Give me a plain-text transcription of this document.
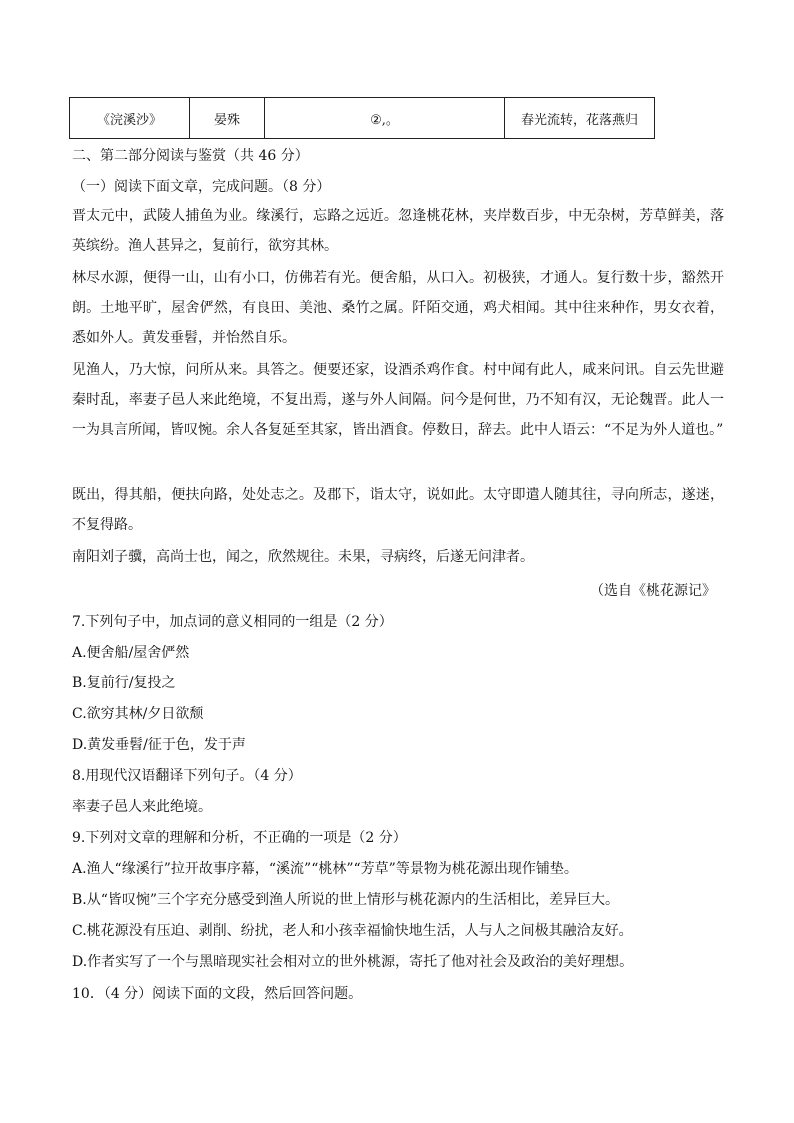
《浣溪沙》	晏殊	②,。	春光流转，花落燕归
二、第二部分阅读与鉴赏（共 46 分）
（一）阅读下面文章，完成问题。（8 分）
晋太元中，武陵人捕鱼为业。缘溪行，忘路之远近。忽逢桃花林，夹岸数百步，中无杂树，芳草鲜美，落英缤纷。渔人甚异之，复前行，欲穷其林。
林尽水源，便得一山，山有小口，仿佛若有光。便舍船，从口入。初极狭，才通人。复行数十步，豁然开朗。土地平旷，屋舍俨然，有良田、美池、桑竹之属。阡陌交通，鸡犬相闻。其中往来种作，男女衣着，悉如外人。黄发垂髫，并怡然自乐。
见渔人，乃大惊，问所从来。具答之。便要还家，设酒杀鸡作食。村中闻有此人，咸来问讯。自云先世避秦时乱，率妻子邑人来此绝境，不复出焉，遂与外人间隔。问今是何世，乃不知有汉，无论魏晋。此人一一为具言所闻，皆叹惋。余人各复延至其家，皆出酒食。停数日，辞去。此中人语云：“不足为外人道也。”
既出，得其船，便扶向路，处处志之。及郡下，诣太守，说如此。太守即遣人随其往，寻向所志，遂迷，不复得路。
南阳刘子骥，高尚士也，闻之，欣然规往。未果，寻病终，后遂无问津者。
（选自《桃花源记》
7.下列句子中，加点词的意义相同的一组是（2 分）
A.便舍船/屋舍俨然
B.复前行/复投之
C.欲穷其林/夕日欲颓
D.黄发垂髫/征于色，发于声
8.用现代汉语翻译下列句子。（4 分）
率妻子邑人来此绝境。
9.下列对文章的理解和分析，不正确的一项是（2 分）
A.渔人“缘溪行”拉开故事序幕，“溪流”“桃林”“芳草”等景物为桃花源出现作铺垫。
B.从“皆叹惋”三个字充分感受到渔人所说的世上情形与桃花源内的生活相比，差异巨大。
C.桃花源没有压迫、剥削、纷扰，老人和小孩幸福愉快地生活，人与人之间极其融洽友好。
D.作者实写了一个与黑暗现实社会相对立的世外桃源，寄托了他对社会及政治的美好理想。
10．（4 分）阅读下面的文段，然后回答问题。
